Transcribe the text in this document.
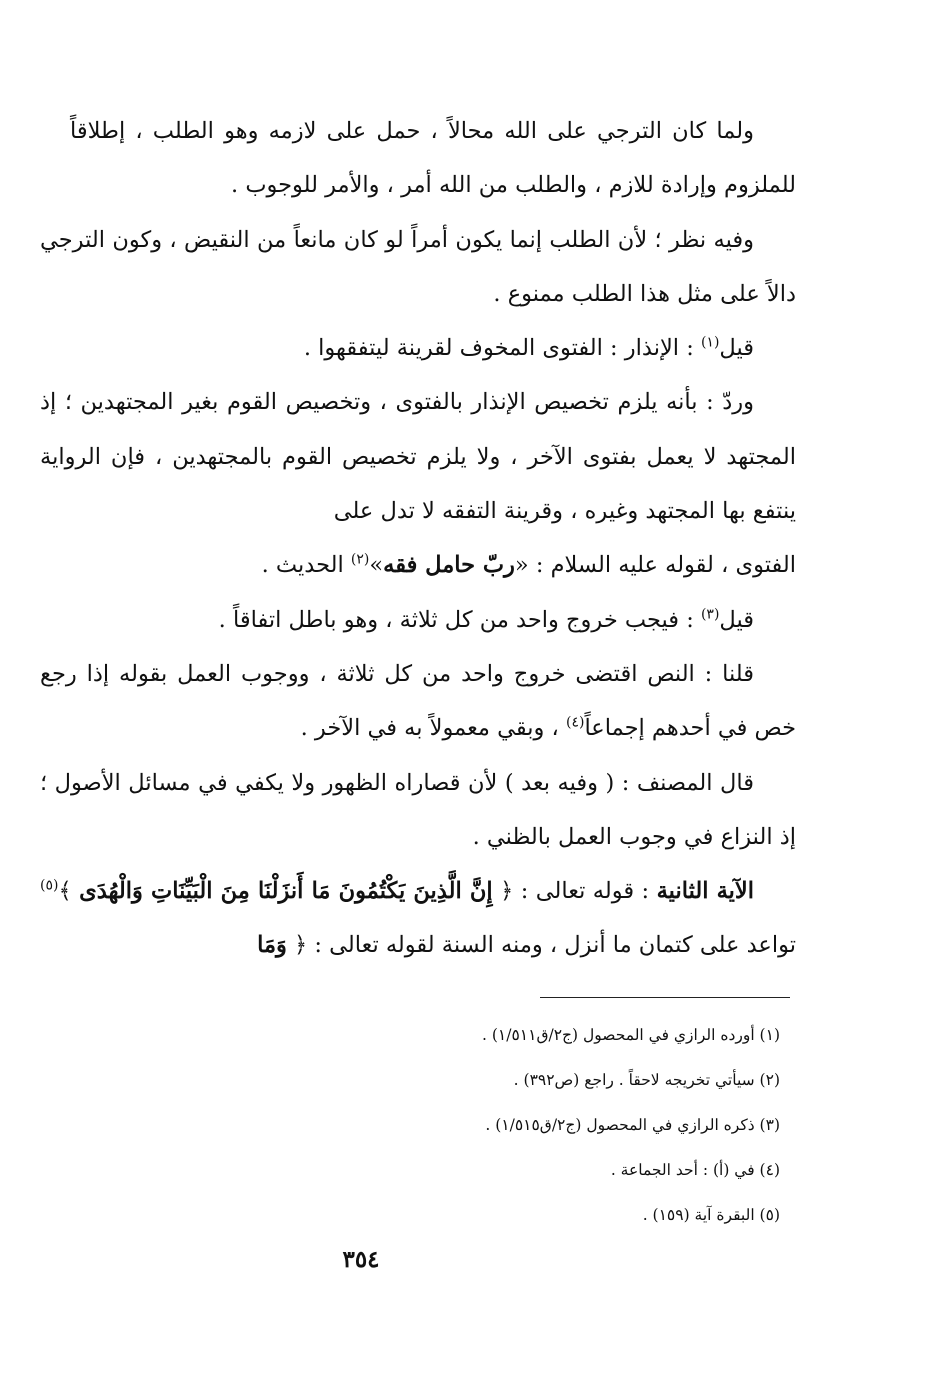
ولما كان الترجي على الله محالاً ، حمل على لازمه وهو الطلب ، إطلاقاً للملزوم وإرادة للازم ، والطلب من الله أمر ، والأمر للوجوب .

وفيه نظر ؛ لأن الطلب إنما يكون أمراً لو كان مانعاً من النقيض ، وكون الترجي دالاً على مثل هذا الطلب ممنوع .

قيل$^{(١)}$ : الإنذار : الفتوى المخوف لقرينة ليتفقهوا .

وردّ : بأنه يلزم تخصيص الإنذار بالفتوى ، وتخصيص القوم بغير المجتهدين ؛ إذ المجتهد لا يعمل بفتوى الآخر ، ولا يلزم تخصيص القوم بالمجتهدين ، فإن الرواية ينتفع بها المجتهد وغيره ، وقرينة التفقه لا تدل على

الفتوى ، لقوله عليه السلام : «ربّ حامل فقه»$^{(٢)}$ الحديث .

قيل$^{(٣)}$ : فيجب خروج واحد من كل ثلاثة ، وهو باطل اتفاقاً .

قلنا : النص اقتضى خروج واحد من كل ثلاثة ، ووجوب العمل بقوله إذا رجع خص في أحدهم إجماعاً$^{(٤)}$ ، وبقي معمولاً به في الآخر .

قال المصنف : ( وفيه بعد ) لأن قصاراه الظهور ولا يكفي في مسائل الأصول ؛ إذ النزاع في وجوب العمل بالظني .

الآية الثانية : قوله تعالى : ﴿ إِنَّ الَّذِينَ يَكْتُمُونَ مَا أَنزَلْنَا مِنَ الْبَيِّنَاتِ وَالْهُدَى ﴾$^{(٥)}$ تواعد على كتمان ما أنزل ، ومنه السنة لقوله تعالى : ﴿ وَمَا

(١) أورده الرازي في المحصول (ج٢/ق١/٥١١) .
(٢) سيأتي تخريجه لاحقاً . راجع (ص٣٩٢) .
(٣) ذكره الرازي في المحصول (ج٢/ق١/٥١٥) .
(٤) في (أ) : أحد الجماعة .
(٥) البقرة آية (١٥٩) .
٣٥٤
